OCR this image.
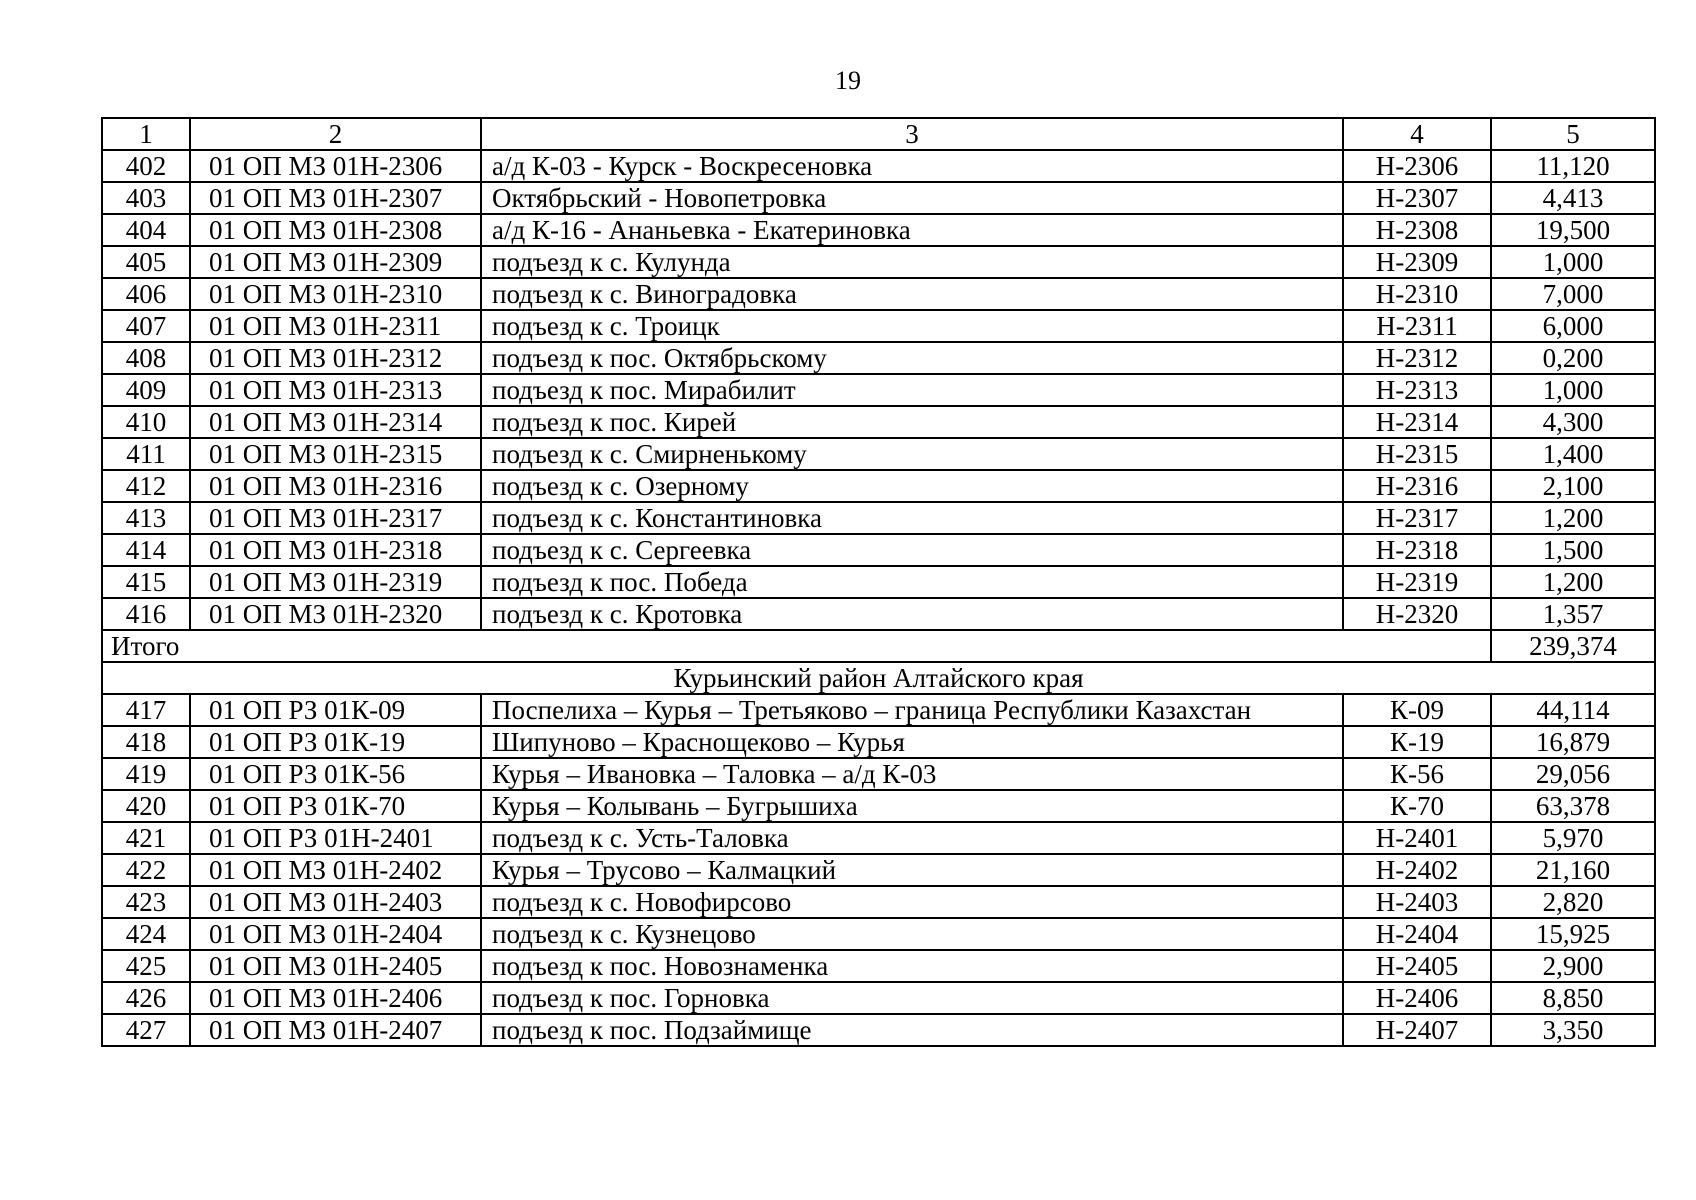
19
1	2	3	4	5
402	01 ОП МЗ 01Н-2306	а/д К-03 - Курск - Воскресеновка	Н-2306	11,120
403	01 ОП МЗ 01Н-2307	Октябрьский - Новопетровка	Н-2307	4,413
404	01 ОП МЗ 01Н-2308	а/д К-16 - Ананьевка - Екатериновка	Н-2308	19,500
405	01 ОП МЗ 01Н-2309	подъезд к с. Кулунда	Н-2309	1,000
406	01 ОП МЗ 01Н-2310	подъезд к с. Виноградовка	Н-2310	7,000
407	01 ОП МЗ 01Н-2311	подъезд к с. Троицк	Н-2311	6,000
408	01 ОП МЗ 01Н-2312	подъезд к пос. Октябрьскому	Н-2312	0,200
409	01 ОП МЗ 01Н-2313	подъезд к пос. Мирабилит	Н-2313	1,000
410	01 ОП МЗ 01Н-2314	подъезд к пос. Кирей	Н-2314	4,300
411	01 ОП МЗ 01Н-2315	подъезд к с. Смирненькому	Н-2315	1,400
412	01 ОП МЗ 01Н-2316	подъезд к с. Озерному	Н-2316	2,100
413	01 ОП МЗ 01Н-2317	подъезд к с. Константиновка	Н-2317	1,200
414	01 ОП МЗ 01Н-2318	подъезд к с. Сергеевка	Н-2318	1,500
415	01 ОП МЗ 01Н-2319	подъезд к пос. Победа	Н-2319	1,200
416	01 ОП МЗ 01Н-2320	подъезд к с. Кротовка	Н-2320	1,357
Итого				239,374
Курьинский район Алтайского края				
417	01 ОП РЗ 01К-09	Поспелиха – Курья – Третьяково – граница Республики Казахстан	К-09	44,114
418	01 ОП РЗ 01К-19	Шипуново – Краснощеково – Курья	К-19	16,879
419	01 ОП РЗ 01К-56	Курья – Ивановка – Таловка – а/д К-03	К-56	29,056
420	01 ОП РЗ 01К-70	Курья – Колывань – Бугрышиха	К-70	63,378
421	01 ОП РЗ 01Н-2401	подъезд к с. Усть-Таловка	Н-2401	5,970
422	01 ОП МЗ 01Н-2402	Курья – Трусово – Калмацкий	Н-2402	21,160
423	01 ОП МЗ 01Н-2403	подъезд к с. Новофирсово	Н-2403	2,820
424	01 ОП МЗ 01Н-2404	подъезд к с. Кузнецово	Н-2404	15,925
425	01 ОП МЗ 01Н-2405	подъезд к пос. Новознаменка	Н-2405	2,900
426	01 ОП МЗ 01Н-2406	подъезд к пос. Горновка	Н-2406	8,850
427	01 ОП МЗ 01Н-2407	подъезд к пос. Подзаймище	Н-2407	3,350
